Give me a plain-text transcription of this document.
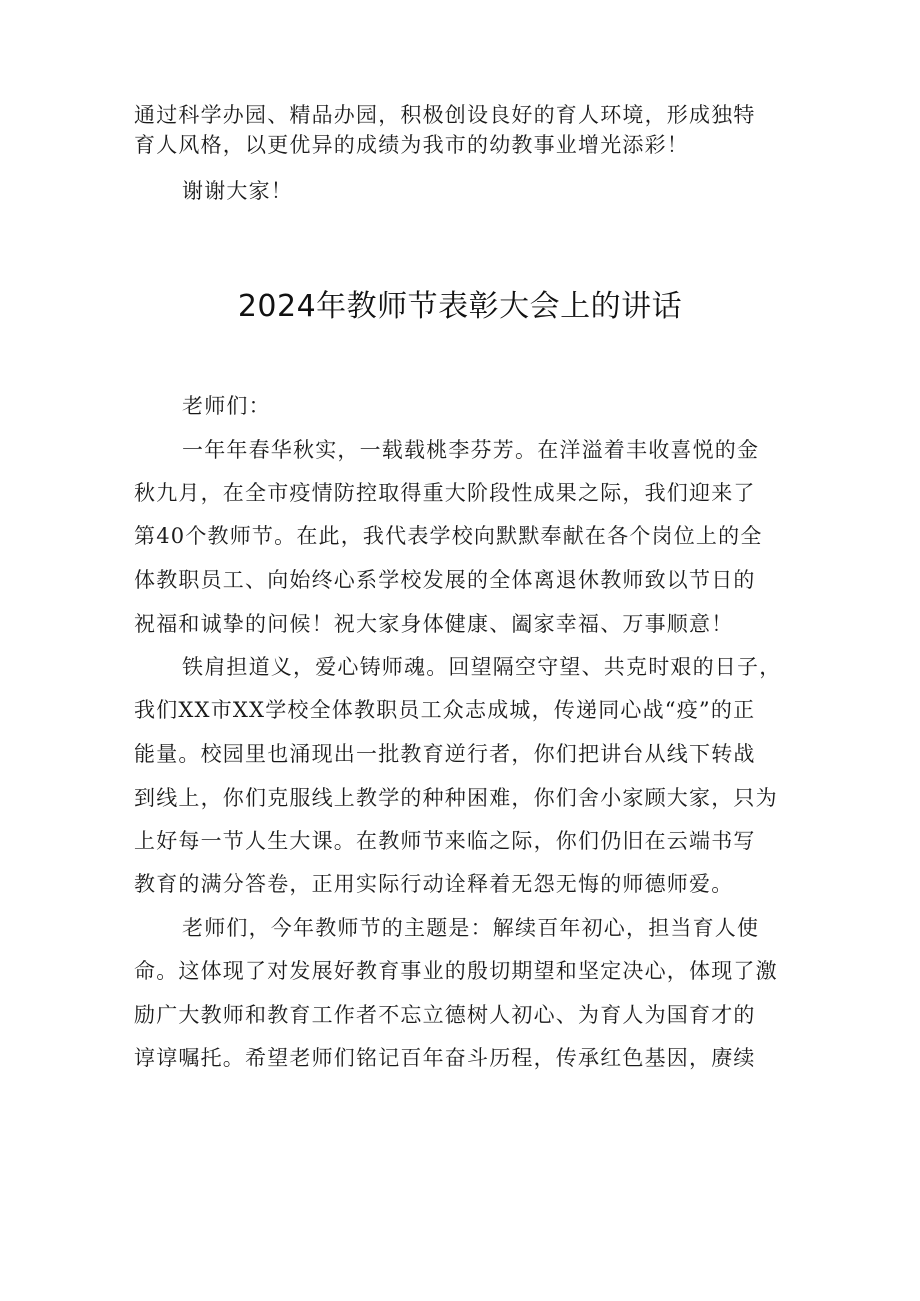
通过科学办园、精品办园，积极创设良好的育人环境，形成独特
育人风格，以更优异的成绩为我市的幼教事业增光添彩！
谢谢大家！
2024年教师节表彰大会上的讲话
老师们：
一年年春华秋实，一载载桃李芬芳。在洋溢着丰收喜悦的金
秋九月，在全市疫情防控取得重大阶段性成果之际，我们迎来了
第40个教师节。在此，我代表学校向默默奉献在各个岗位上的全
体教职员工、向始终心系学校发展的全体离退休教师致以节日的
祝福和诚挚的问候！祝大家身体健康、阖家幸福、万事顺意！
铁肩担道义，爱心铸师魂。回望隔空守望、共克时艰的日子，
我们XX市XX学校全体教职员工众志成城，传递同心战“疫”的正
能量。校园里也涌现出一批教育逆行者，你们把讲台从线下转战
到线上，你们克服线上教学的种种困难，你们舍小家顾大家，只为
上好每一节人生大课。在教师节来临之际，你们仍旧在云端书写
教育的满分答卷，正用实际行动诠释着无怨无悔的师德师爱。
老师们，今年教师节的主题是：解续百年初心，担当育人使
命。这体现了对发展好教育事业的殷切期望和坚定决心，体现了激
励广大教师和教育工作者不忘立德树人初心、为育人为国育才的
谆谆嘱托。希望老师们铭记百年奋斗历程，传承红色基因，赓续
